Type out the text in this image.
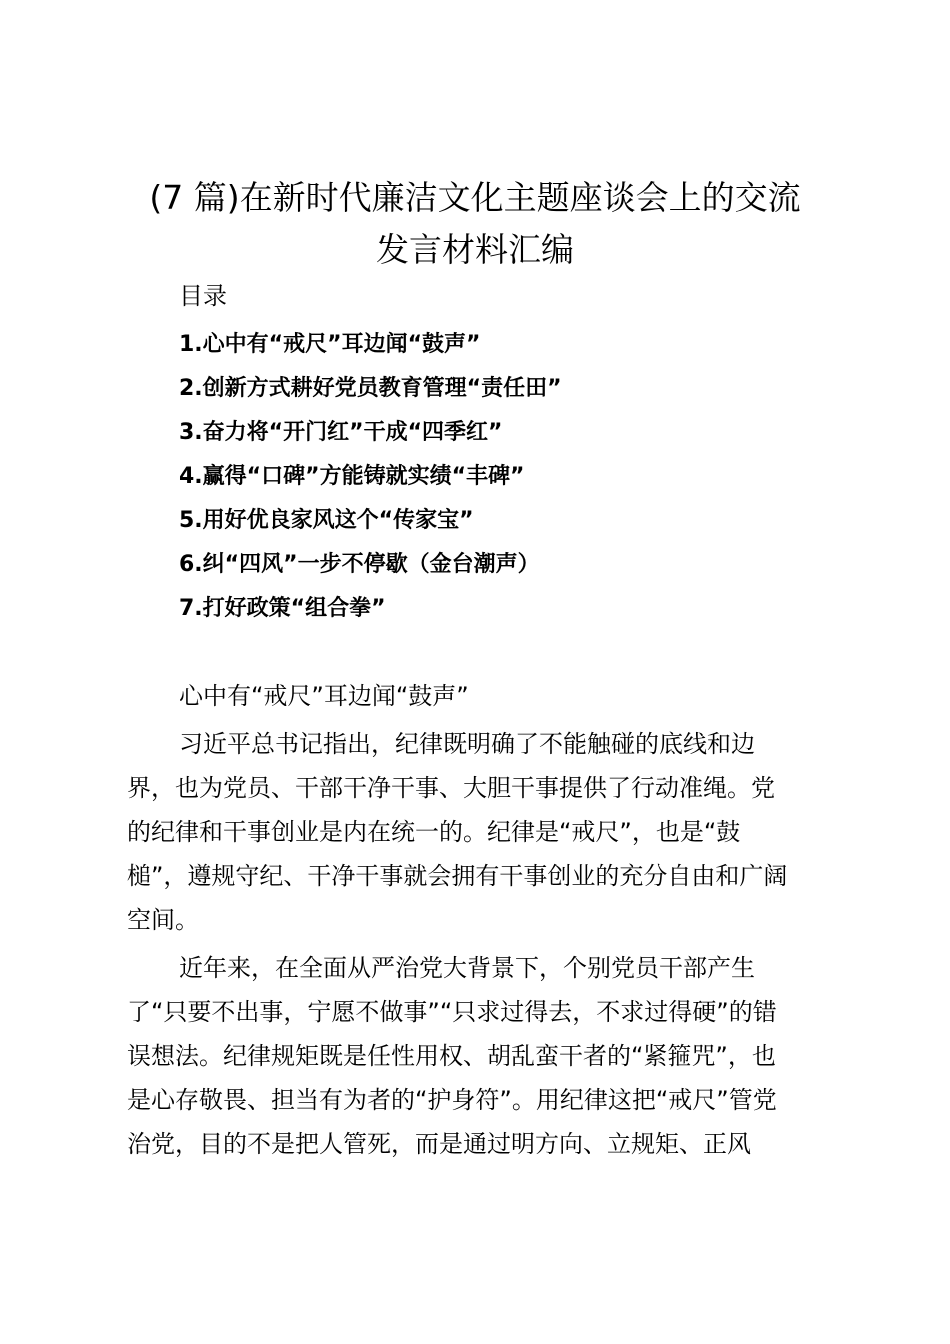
(7 篇)在新时代廉洁文化主题座谈会上的交流
发言材料汇编
目录
1.心中有“戒尺”耳边闻“鼓声”
2.创新方式耕好党员教育管理“责任田”
3.奋力将“开门红”干成“四季红”
4.赢得“口碑”方能铸就实绩“丰碑”
5.用好优良家风这个“传家宝”
6.纠“四风”一步不停歇（金台潮声）
7.打好政策“组合拳”
心中有“戒尺”耳边闻“鼓声”
习近平总书记指出，纪律既明确了不能触碰的底线和边
界，也为党员、干部干净干事、大胆干事提供了行动准绳。党
的纪律和干事创业是内在统一的。纪律是“戒尺”，也是“鼓
槌”，遵规守纪、干净干事就会拥有干事创业的充分自由和广阔
空间。
近年来，在全面从严治党大背景下，个别党员干部产生
了“只要不出事，宁愿不做事”“只求过得去，不求过得硬”的错
误想法。纪律规矩既是任性用权、胡乱蛮干者的“紧箍咒”，也
是心存敬畏、担当有为者的“护身符”。用纪律这把“戒尺”管党
治党，目的不是把人管死，而是通过明方向、立规矩、正风
